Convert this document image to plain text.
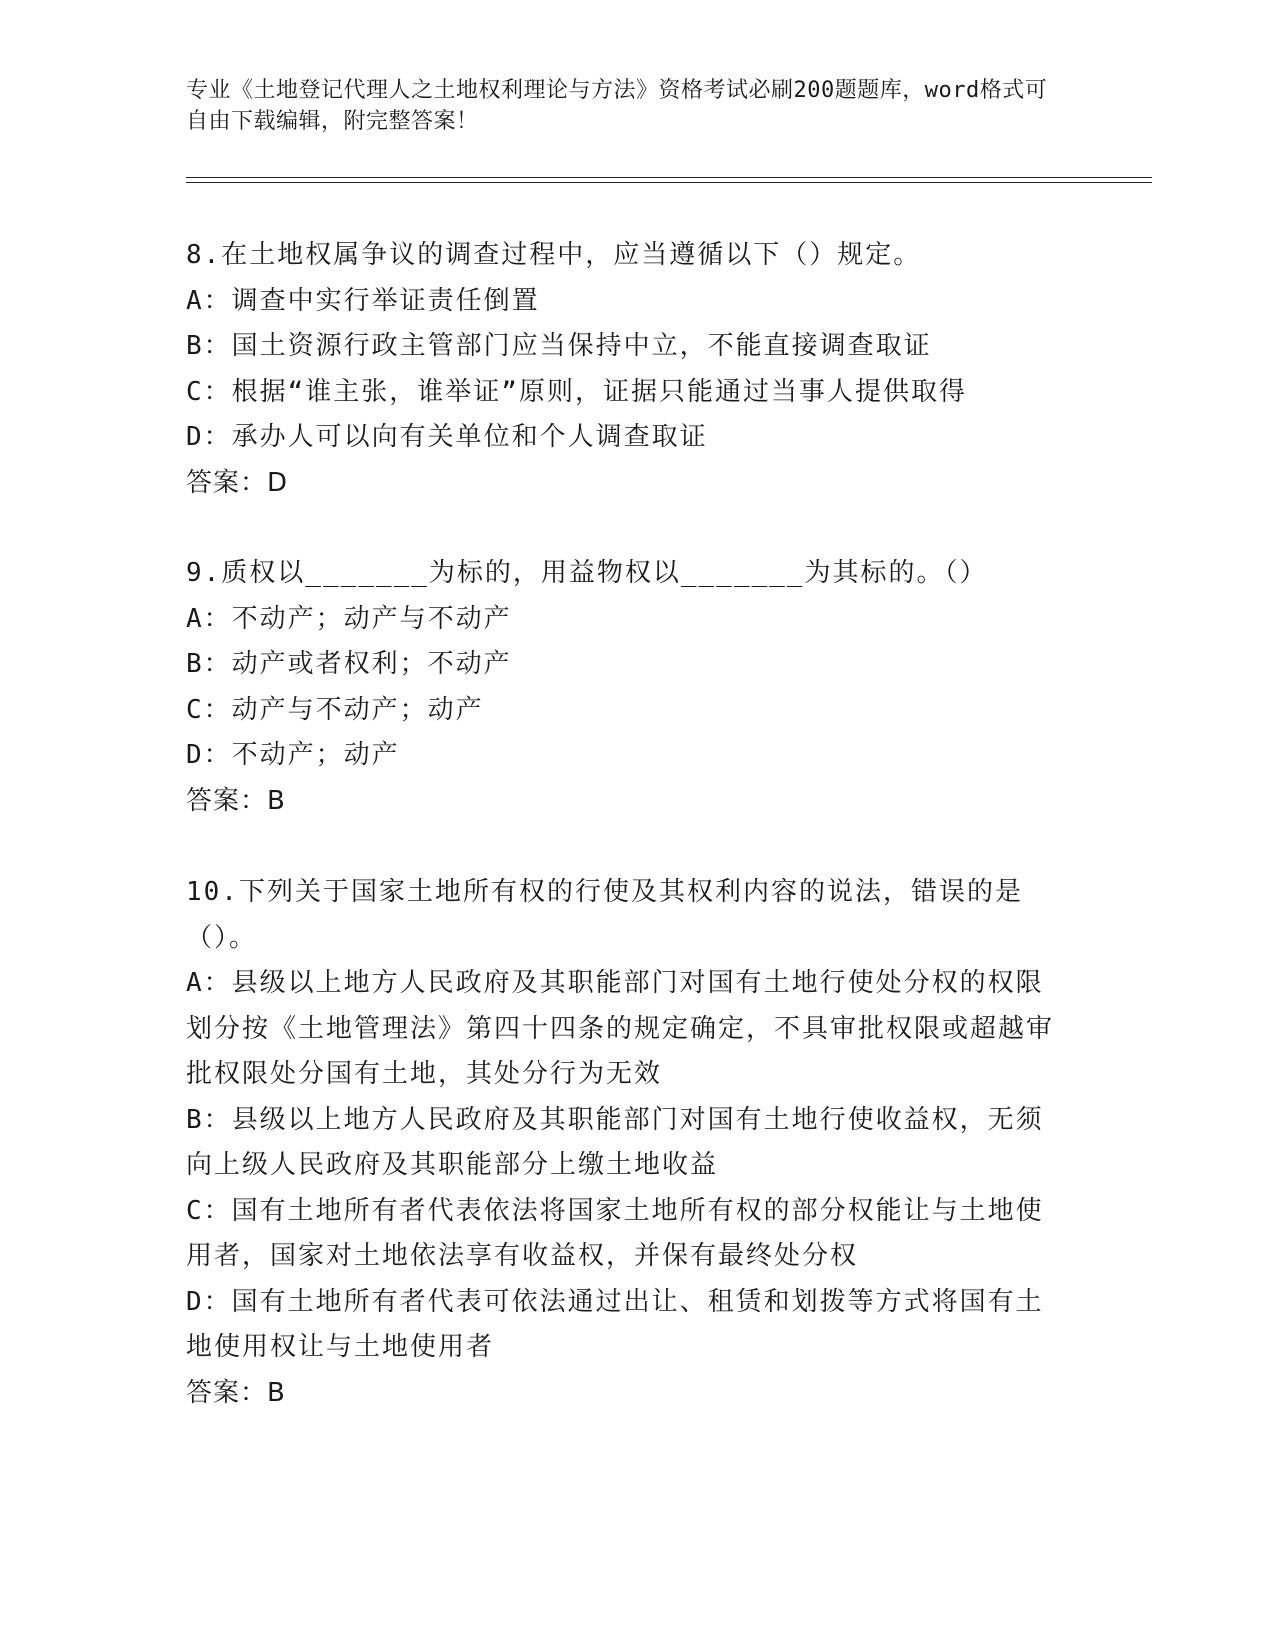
专业《土地登记代理人之土地权利理论与方法》资格考试必刷200题题库，word格式可自由下载编辑，附完整答案！

8.在土地权属争议的调查过程中，应当遵循以下（）规定。

A：调查中实行举证责任倒置

B：国土资源行政主管部门应当保持中立，不能直接调查取证

C：根据“谁主张，谁举证”原则，证据只能通过当事人提供取得

D：承办人可以向有关单位和个人调查取证

答案：D

9.质权以_______为标的，用益物权以_______为其标的。（）

A：不动产；动产与不动产

B：动产或者权利；不动产

C：动产与不动产；动产

D：不动产；动产

答案：B

10.下列关于国家土地所有权的行使及其权利内容的说法，错误的是（）。

A：县级以上地方人民政府及其职能部门对国有土地行使处分权的权限划分按《土地管理法》第四十四条的规定确定，不具审批权限或超越审批权限处分国有土地，其处分行为无效

B：县级以上地方人民政府及其职能部门对国有土地行使收益权，无须向上级人民政府及其职能部分上缴土地收益

C：国有土地所有者代表依法将国家土地所有权的部分权能让与土地使用者，国家对土地依法享有收益权，并保有最终处分权

D：国有土地所有者代表可依法通过出让、租赁和划拨等方式将国有土地使用权让与土地使用者

答案：B
